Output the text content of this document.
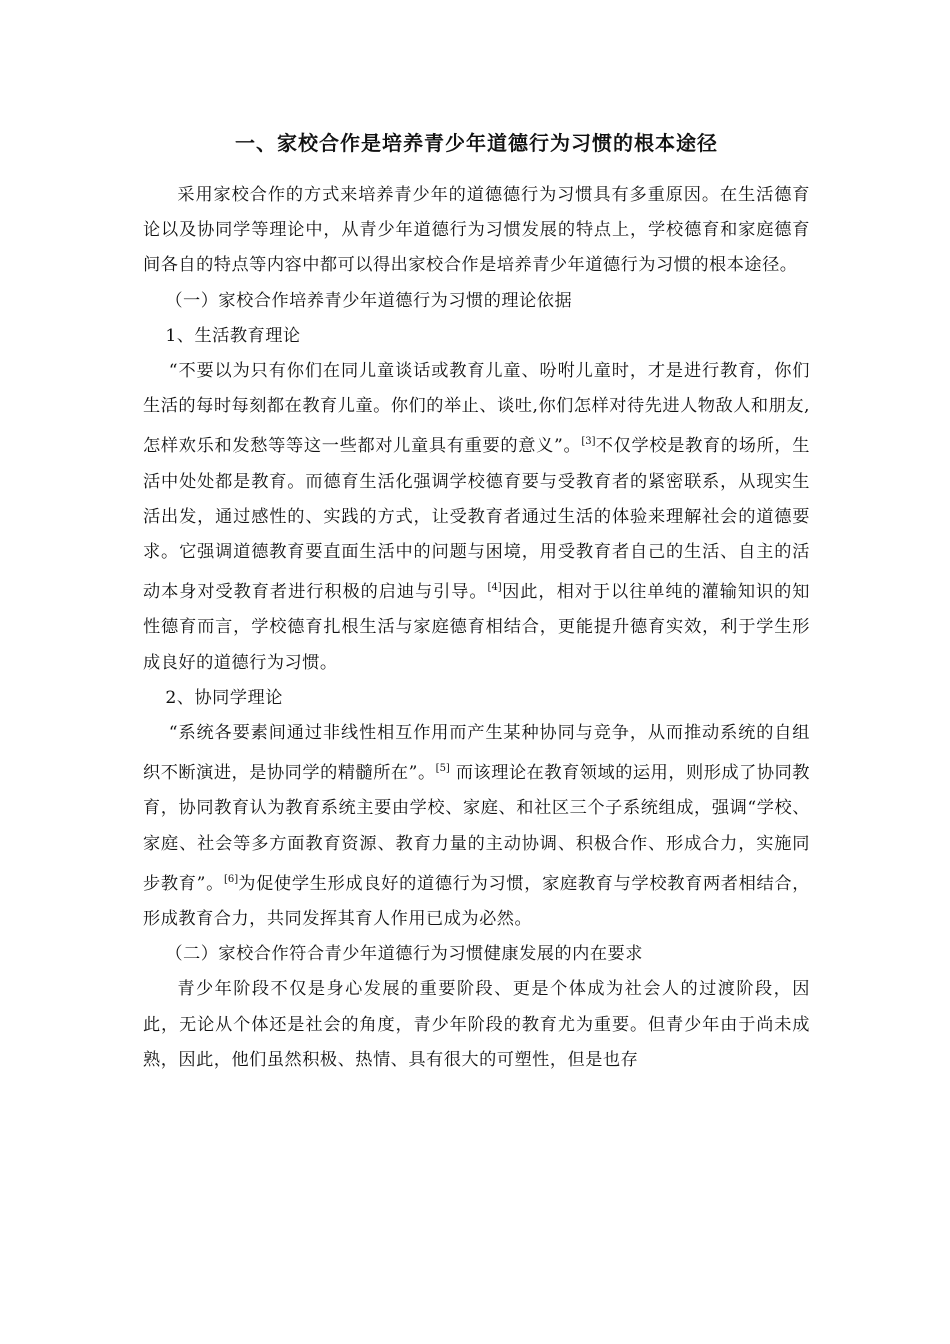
一、家校合作是培养青少年道德行为习惯的根本途径

采用家校合作的方式来培养青少年的道德德行为习惯具有多重原因。在生活德育论以及协同学等理论中，从青少年道德行为习惯发展的特点上，学校德育和家庭德育间各自的特点等内容中都可以得出家校合作是培养青少年道德行为习惯的根本途径。

（一）家校合作培养青少年道德行为习惯的理论依据

1、生活教育理论

“不要以为只有你们在同儿童谈话或教育儿童、吩咐儿童时，才是进行教育，你们生活的每时每刻都在教育儿童。你们的举止、谈吐,你们怎样对待先进人物敌人和朋友,怎样欢乐和发愁等等这一些都对儿童具有重要的意义”。[3]不仅学校是教育的场所，生活中处处都是教育。而德育生活化强调学校德育要与受教育者的紧密联系，从现实生活出发，通过感性的、实践的方式，让受教育者通过生活的体验来理解社会的道德要求。它强调道德教育要直面生活中的问题与困境，用受教育者自己的生活、自主的活动本身对受教育者进行积极的启迪与引导。[4]因此，相对于以往单纯的灌输知识的知性德育而言，学校德育扎根生活与家庭德育相结合，更能提升德育实效，利于学生形成良好的道德行为习惯。

2、协同学理论

“系统各要素间通过非线性相互作用而产生某种协同与竞争，从而推动系统的自组织不断演进，是协同学的精髓所在”。[5] 而该理论在教育领域的运用，则形成了协同教育，协同教育认为教育系统主要由学校、家庭、和社区三个子系统组成，强调“学校、家庭、社会等多方面教育资源、教育力量的主动协调、积极合作、形成合力，实施同步教育”。[6]为促使学生形成良好的道德行为习惯，家庭教育与学校教育两者相结合，形成教育合力，共同发挥其育人作用已成为必然。

（二）家校合作符合青少年道德行为习惯健康发展的内在要求

青少年阶段不仅是身心发展的重要阶段、更是个体成为社会人的过渡阶段，因此，无论从个体还是社会的角度，青少年阶段的教育尤为重要。但青少年由于尚未成熟，因此，他们虽然积极、热情、具有很大的可塑性，但是也存
